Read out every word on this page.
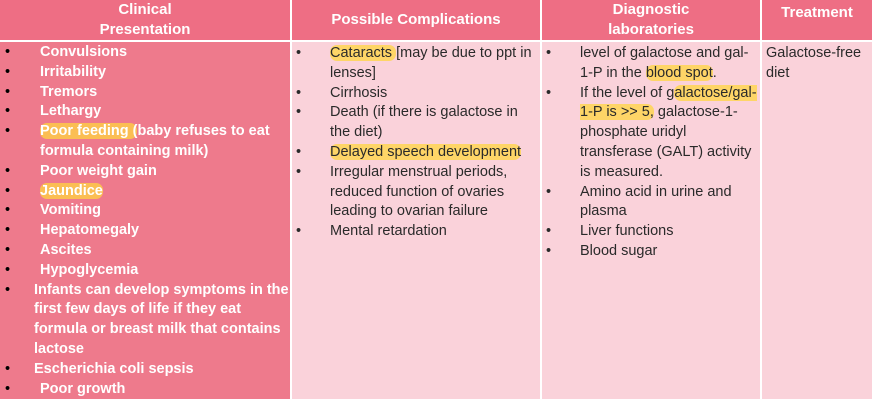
Clinical
Presentation
Possible Complications
Diagnostic
laboratories
Treatment
• Convulsions
• Irritability
• Tremors
• Lethargy
• Poor feeding (baby refuses to eat formula containing milk)
• Poor weight gain
• Jaundice
• Vomiting
• Hepatomegaly
• Ascites
• Hypoglycemia
• Infants can develop symptoms in the first few days of life if they eat formula or breast milk that contains lactose
• Escherichia coli sepsis
• Poor growth
• Cataracts [may be due to ppt in lenses]
• Cirrhosis
• Death (if there is galactose in the diet)
• Delayed speech development
• Irregular menstrual periods, reduced function of ovaries leading to ovarian failure
• Mental retardation
• level of galactose and gal-1-P in the blood spot.
• If the level of galactose/gal-1-P is >> 5, galactose-1-phosphate uridyl transferase (GALT) activity is measured.
• Amino acid in urine and plasma
• Liver functions
• Blood sugar

Galactose-free diet
